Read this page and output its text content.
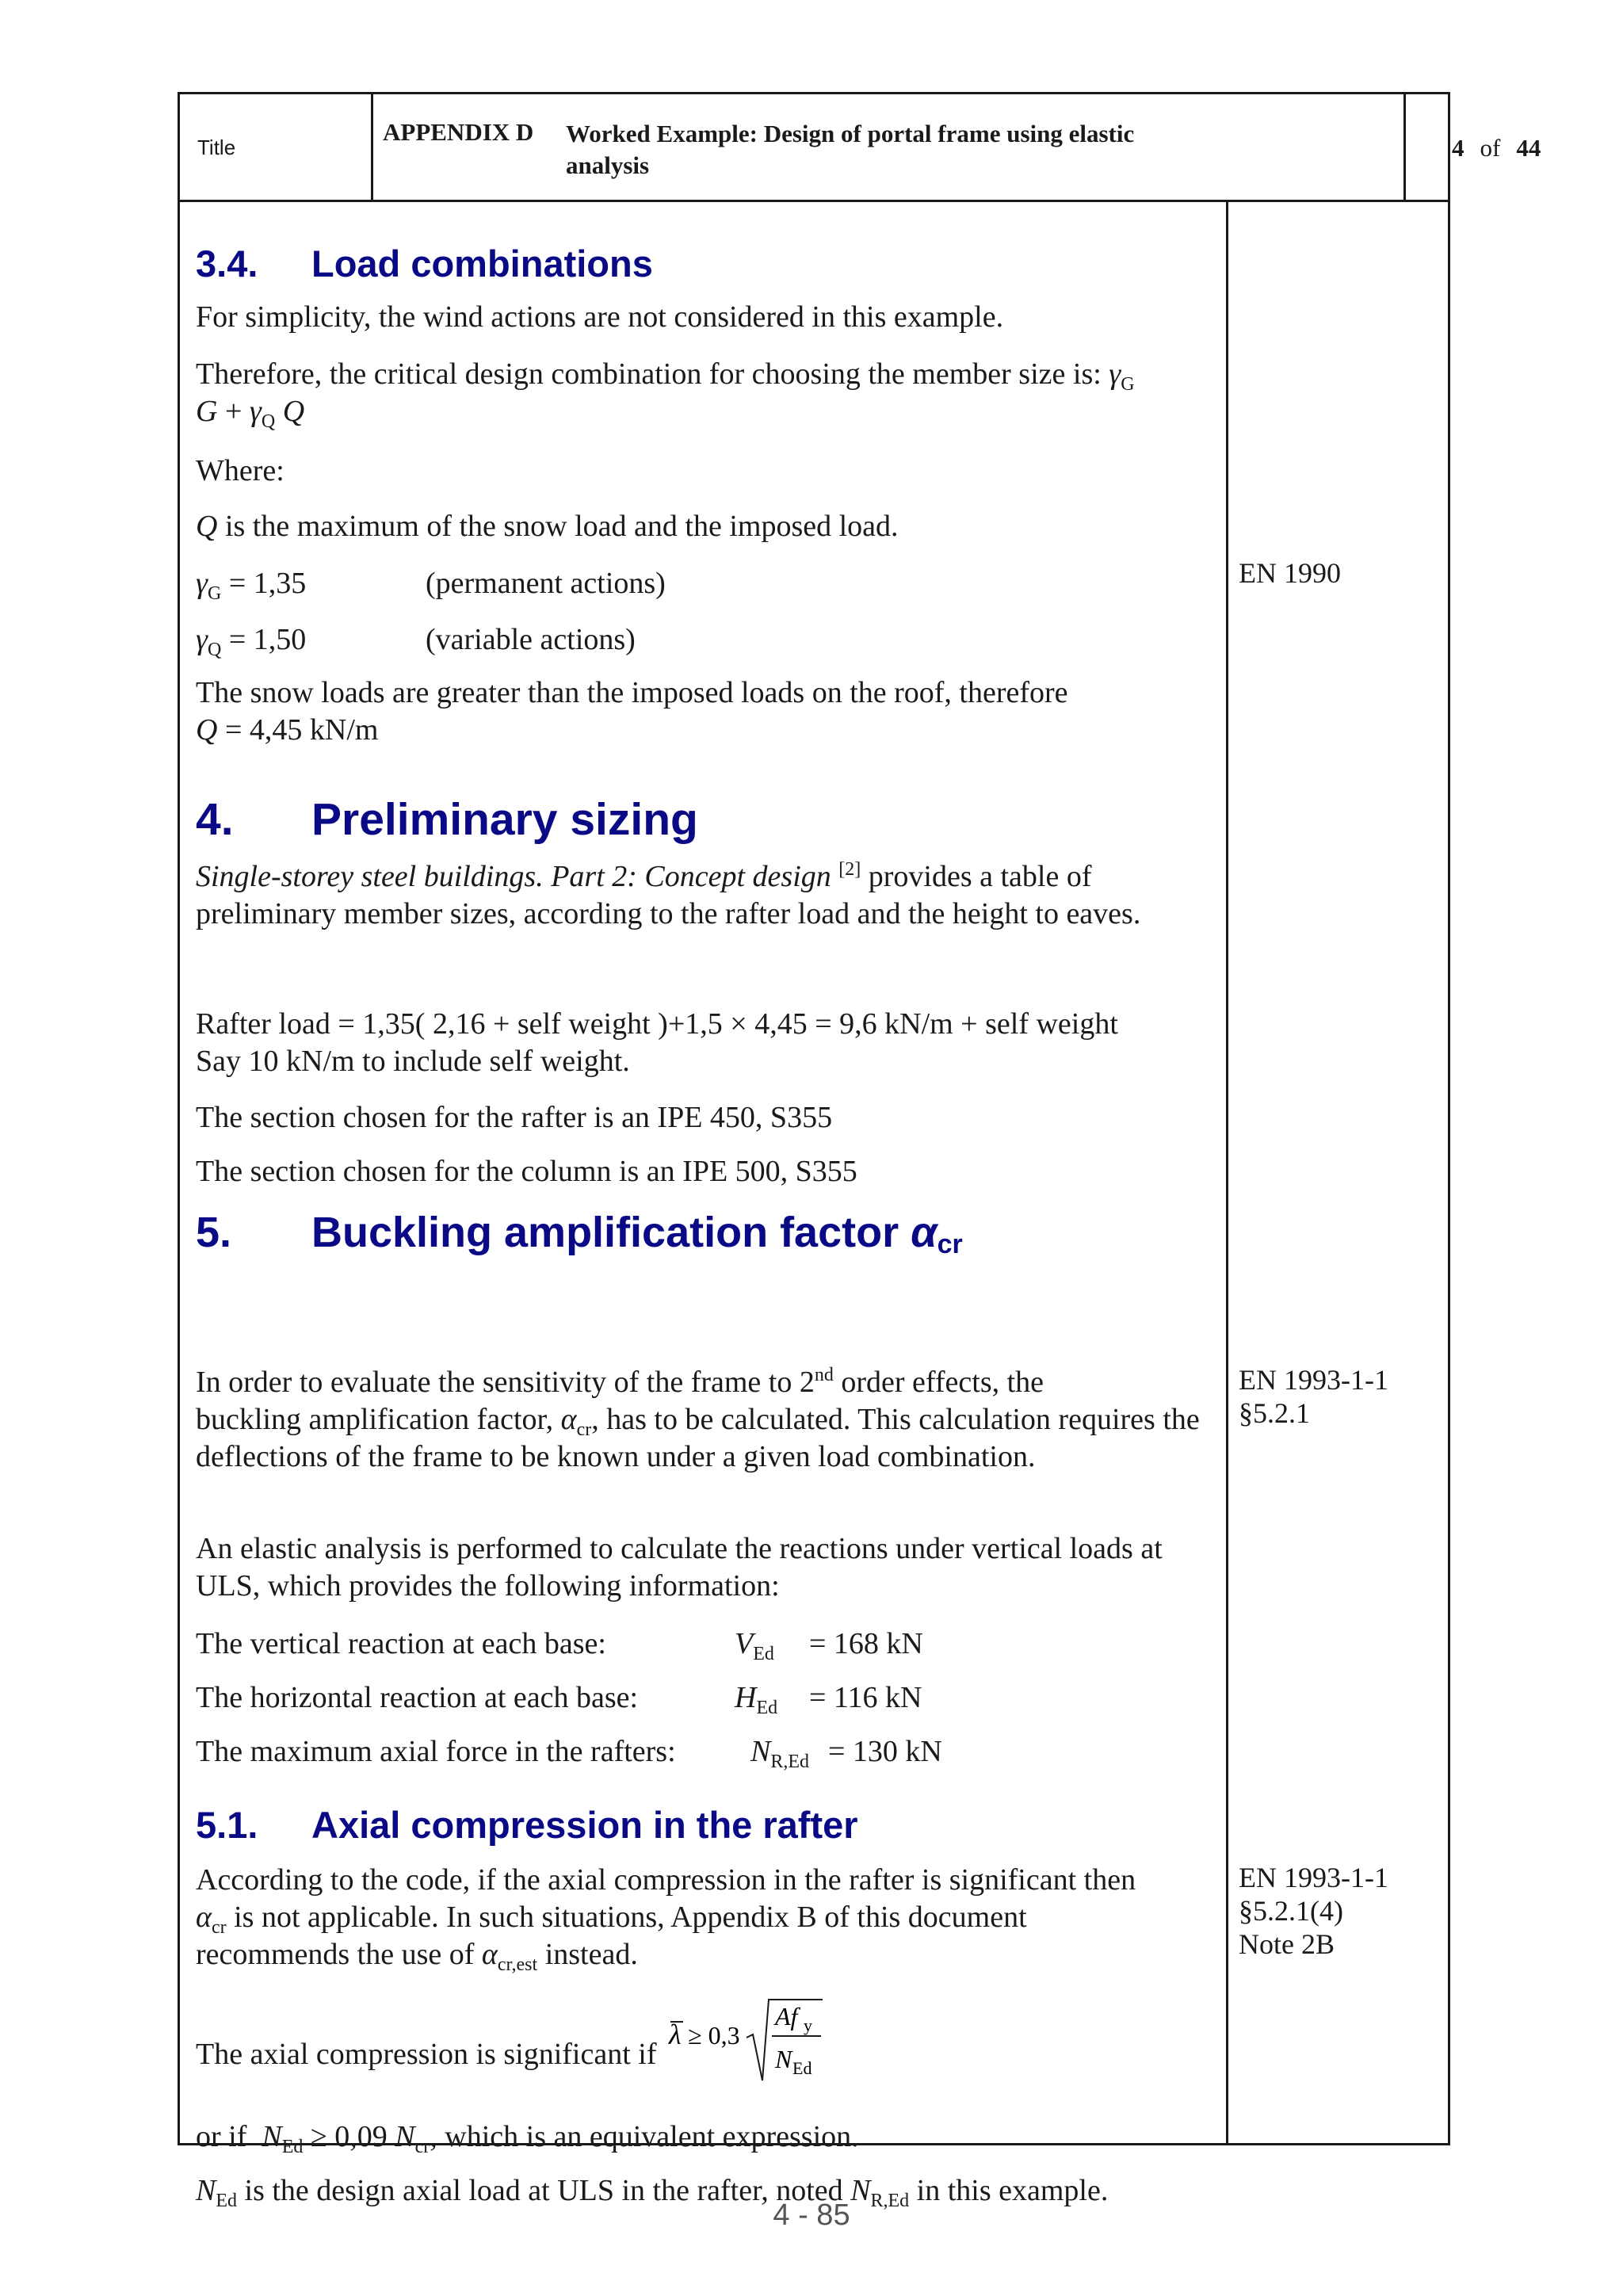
Title
APPENDIX D Worked Example: Design of portal frame using elastic analysis
4 of 44
3.4. Load combinations
For simplicity, the wind actions are not considered in this example.
Therefore, the critical design combination for choosing the member size is: $\gamma_G$
$G + \gamma_Q$ Q
Where:
Q is the maximum of the snow load and the imposed load.
$\gamma_G = 1,35$	(permanent actions)
$\gamma_Q = 1,50$	(variable actions)
The snow loads are greater than the imposed loads on the roof, therefore
Q = 4,45 kN/m
4. Preliminary sizing
Single-storey steel buildings. Part 2: Concept design [2] provides a table of preliminary member sizes, according to the rafter load and the height to eaves.
Rafter load = 1,35( 2,16 + self weight )+1,5 × 4,45 = 9,6 kN/m + self weight
Say 10 kN/m to include self weight.
The section chosen for the rafter is an IPE 450, S355
The section chosen for the column is an IPE 500, S355
5. Buckling amplification factor $\alpha_{cr}$
In order to evaluate the sensitivity of the frame to 2nd order effects, the
buckling amplification factor, $\alpha_{cr}$, has to be calculated. This calculation requires the deflections of the frame to be known under a given load combination.
An elastic analysis is performed to calculate the reactions under vertical loads at ULS, which provides the following information:
The vertical reaction at each base:	$V_{Ed} = 168$ kN
The horizontal reaction at each base:	$H_{Ed} = 116$ kN
The maximum axial force in the rafters: $N_{R,Ed} = 130$ kN
5.1. Axial compression in the rafter
According to the code, if the axial compression in the rafter is significant then
$\alpha_{cr}$ is not applicable. In such situations, Appendix B of this document
recommends the use of $\alpha_{cr,est}$ instead.
The axial compression is significant if
λ ≥ 0,3
Af y
N Ed
or if $N_{Ed} \ge 0,09$ $N_{cr}$, which is an equivalent expression.
$N_{Ed}$ is the design axial load at ULS in the rafter, noted $N_{R,Ed}$ in this example.
EN 1990
EN 1993-1-1
§5.2.1
EN 1993-1-1
§5.2.1(4)
Note 2B
4 - 85
